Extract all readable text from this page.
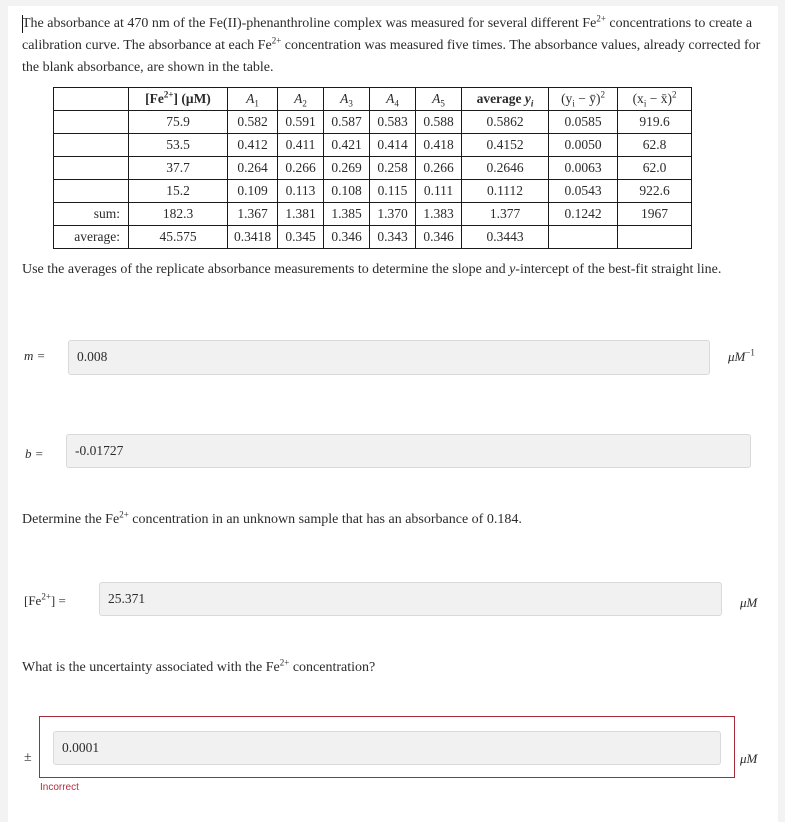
The absorbance at 470 nm of the Fe(II)-phenanthroline complex was measured for several different $Fe^{2+}$ concentrations to create a calibration curve. The absorbance at each $Fe^{2+}$ concentration was measured five times. The absorbance values, already corrected for the blank absorbance, are shown in the table.
	$[Fe^{2+}]$ (μM)	$A_1$	$A_2$	$A_3$	$A_4$	$A_5$	average $y_i$	($y_i$ − ȳ)$^2$	($x_i$ − x̄)$^2$
	75.9	0.582	0.591	0.587	0.583	0.588	0.5862	0.0585	919.6
	53.5	0.412	0.411	0.421	0.414	0.418	0.4152	0.0050	62.8
	37.7	0.264	0.266	0.269	0.258	0.266	0.2646	0.0063	62.0
	15.2	0.109	0.113	0.108	0.115	0.111	0.1112	0.0543	922.6
sum:	182.3	1.367	1.381	1.385	1.370	1.383	1.377	0.1242	1967
average:	45.575	0.3418	0.345	0.346	0.343	0.346	0.3443		
Use the averages of the replicate absorbance measurements to determine the slope and y-intercept of the best-fit straight line.
m =	0.008	$\mu M^{-1}$
b =	-0.01727
Determine the $Fe^{2+}$ concentration in an unknown sample that has an absorbance of 0.184.
$[Fe^{2+}]$ =	25.371	μM
What is the uncertainty associated with the $Fe^{2+}$ concentration?
±
0.0001
μM
Incorrect
